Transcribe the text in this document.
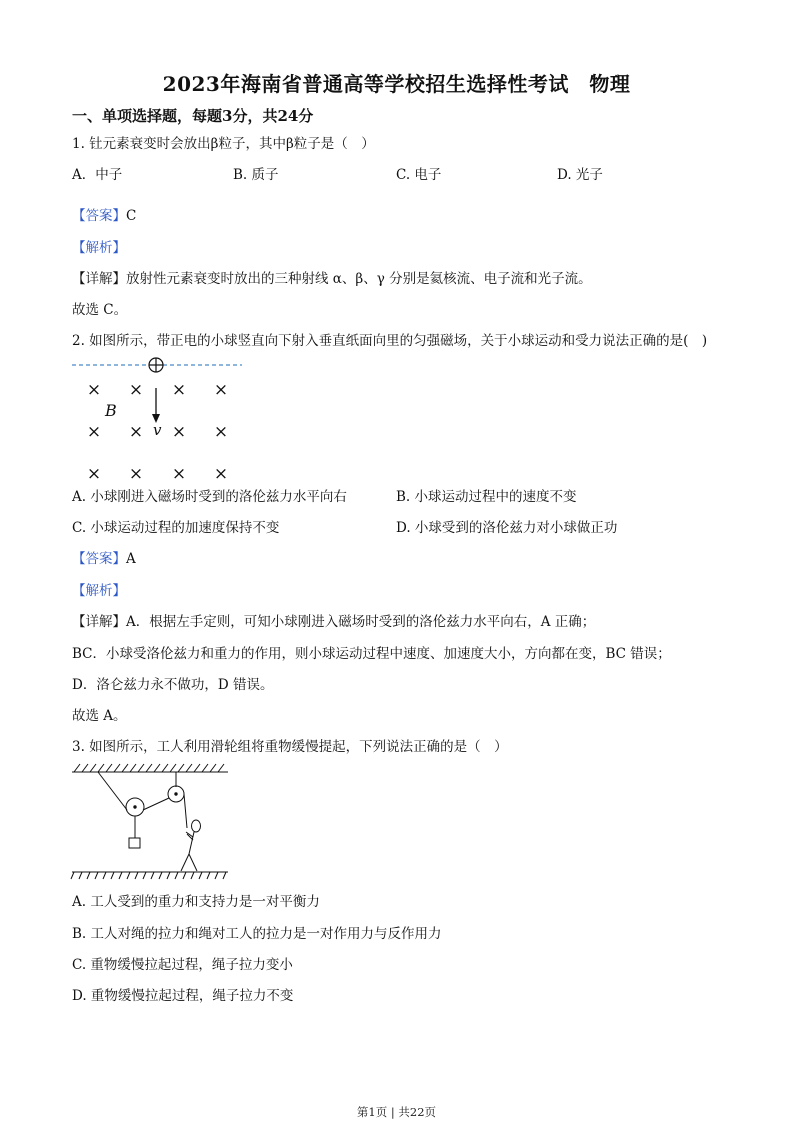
2023年海南省普通高等学校招生选择性考试　物理
一、单项选择题，每题3分，共24分
1. 钍元素衰变时会放出β粒子，其中β粒子是（　）
A．中子	B. 质子	C. 电子	D. 光子
【答案】C
【解析】
【详解】放射性元素衰变时放出的三种射线 α、β、γ 分别是氦核流、电子流和光子流。
故选 C。
2. 如图所示，带正电的小球竖直向下射入垂直纸面向里的匀强磁场，关于小球运动和受力说法正确的是(　)
× × × ×
× × × ×
× × × ×
B
v
A. 小球刚进入磁场时受到的洛伦兹力水平向右	B. 小球运动过程中的速度不变
C. 小球运动过程的加速度保持不变	D. 小球受到的洛伦兹力对小球做正功
【答案】A
【解析】
【详解】A．根据左手定则，可知小球刚进入磁场时受到的洛伦兹力水平向右，A 正确；
BC．小球受洛伦兹力和重力的作用，则小球运动过程中速度、加速度大小，方向都在变，BC 错误；
D．洛仑兹力永不做功，D 错误。
故选 A。
3. 如图所示，工人利用滑轮组将重物缓慢提起，下列说法正确的是（　）
A. 工人受到的重力和支持力是一对平衡力
B. 工人对绳的拉力和绳对工人的拉力是一对作用力与反作用力
C. 重物缓慢拉起过程，绳子拉力变小
D. 重物缓慢拉起过程，绳子拉力不变
第1页 | 共22页
